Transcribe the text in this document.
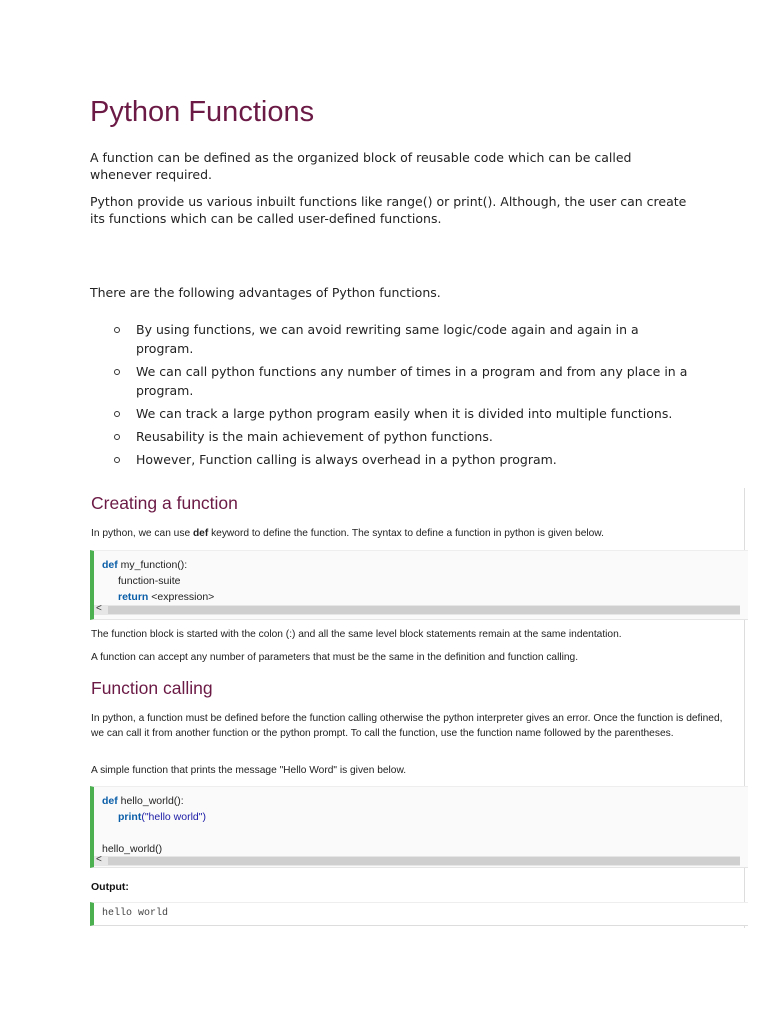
Python Functions

A function can be defined as the organized block of reusable code which can be called whenever required.

Python provide us various inbuilt functions like range() or print(). Although, the user can create its functions which can be called user-defined functions.

There are the following advantages of Python functions.

By using functions, we can avoid rewriting same logic/code again and again in a program.
We can call python functions any number of times in a program and from any place in a program.
We can track a large python program easily when it is divided into multiple functions.
Reusability is the main achievement of python functions.
However, Function calling is always overhead in a python program.
Creating a function
In python, we can use def keyword to define the function. The syntax to define a function in python is given below.
def my_function():
function-suite
return <expression>
<
The function block is started with the colon (:) and all the same level block statements remain at the same indentation.
A function can accept any number of parameters that must be the same in the definition and function calling.
Function calling
In python, a function must be defined before the function calling otherwise the python interpreter gives an error. Once the function is defined, we can call it from another function or the python prompt. To call the function, use the function name followed by the parentheses.
A simple function that prints the message "Hello Word" is given below.
def hello_world():
print("hello world")
hello_world()
<
Output:
hello world
